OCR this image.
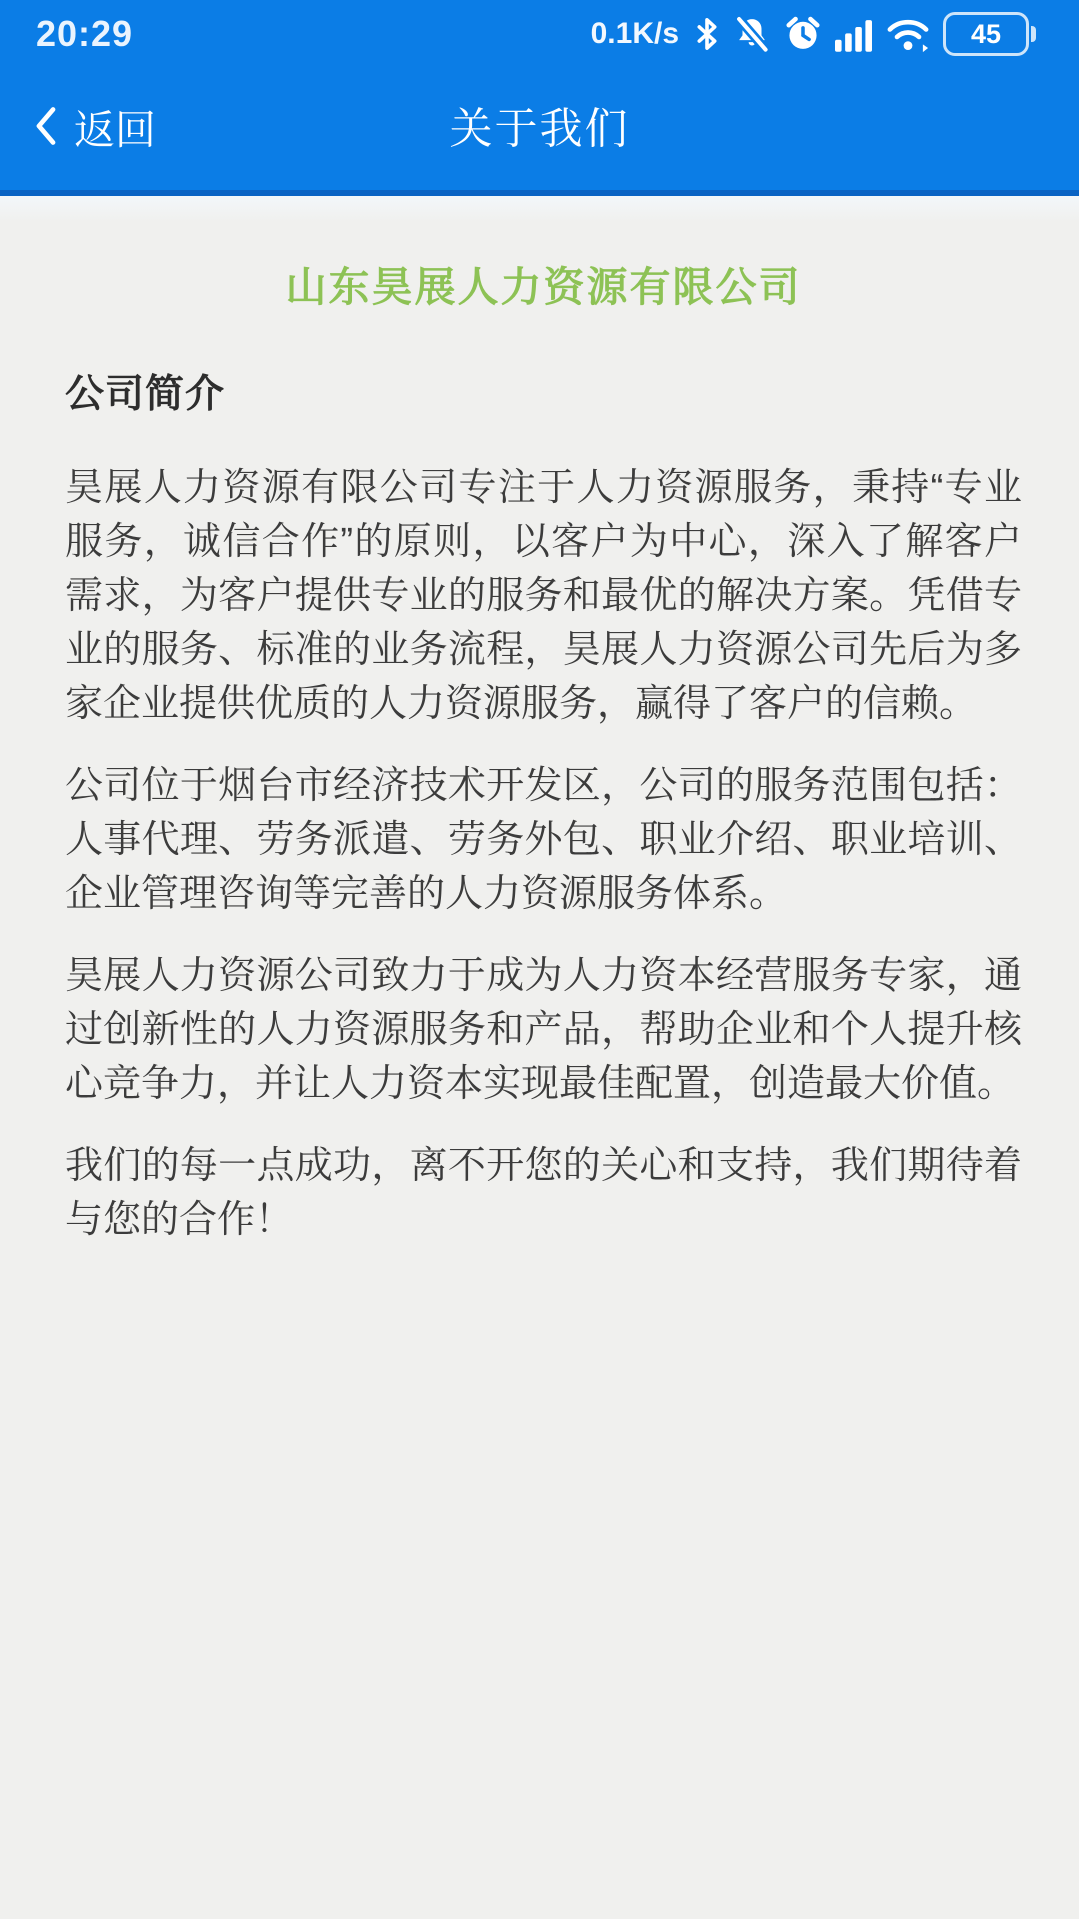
20:29	0.1K/s	45
返回	关于我们
山东昊展人力资源有限公司
公司简介

昊展人力资源有限公司专注于人力资源服务，秉持“专业服务，诚信合作”的原则，以客户为中心，深入了解客户需求，为客户提供专业的服务和最优的解决方案。凭借专业的服务、标准的业务流程，昊展人力资源公司先后为多家企业提供优质的人力资源服务，赢得了客户的信赖。

公司位于烟台市经济技术开发区，公司的服务范围包括：人事代理、劳务派遣、劳务外包、职业介绍、职业培训、企业管理咨询等完善的人力资源服务体系。

昊展人力资源公司致力于成为人力资本经营服务专家，通过创新性的人力资源服务和产品，帮助企业和个人提升核心竞争力，并让人力资本实现最佳配置，创造最大价值。

我们的每一点成功，离不开您的关心和支持，我们期待着与您的合作！
